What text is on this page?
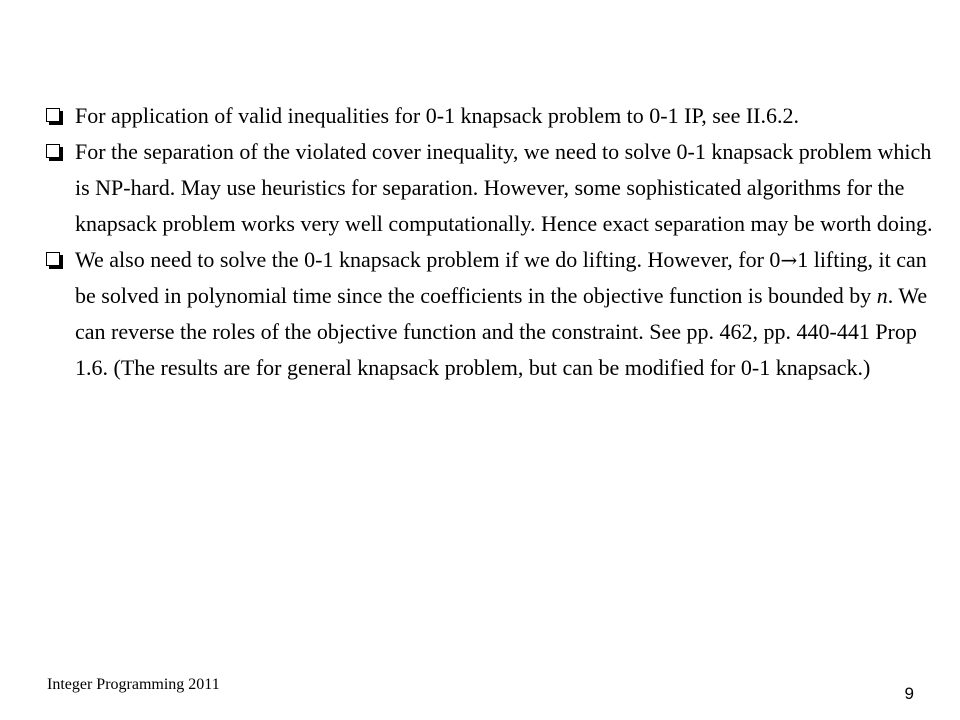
For application of valid inequalities for 0-1 knapsack problem to 0-1 IP, see II.6.2.
For the separation of the violated cover inequality, we need to solve 0-1 knapsack problem which is NP-hard. May use heuristics for separation. However, some sophisticated algorithms for the knapsack problem works very well computationally. Hence exact separation may be worth doing.
We also need to solve the 0-1 knapsack problem if we do lifting. However, for 0→1 lifting, it can be solved in polynomial time since the coefficients in the objective function is bounded by n. We can reverse the roles of the objective function and the constraint. See pp. 462, pp. 440-441 Prop 1.6. (The results are for general knapsack problem, but can be modified for 0-1 knapsack.)
Integer Programming 2011	9
